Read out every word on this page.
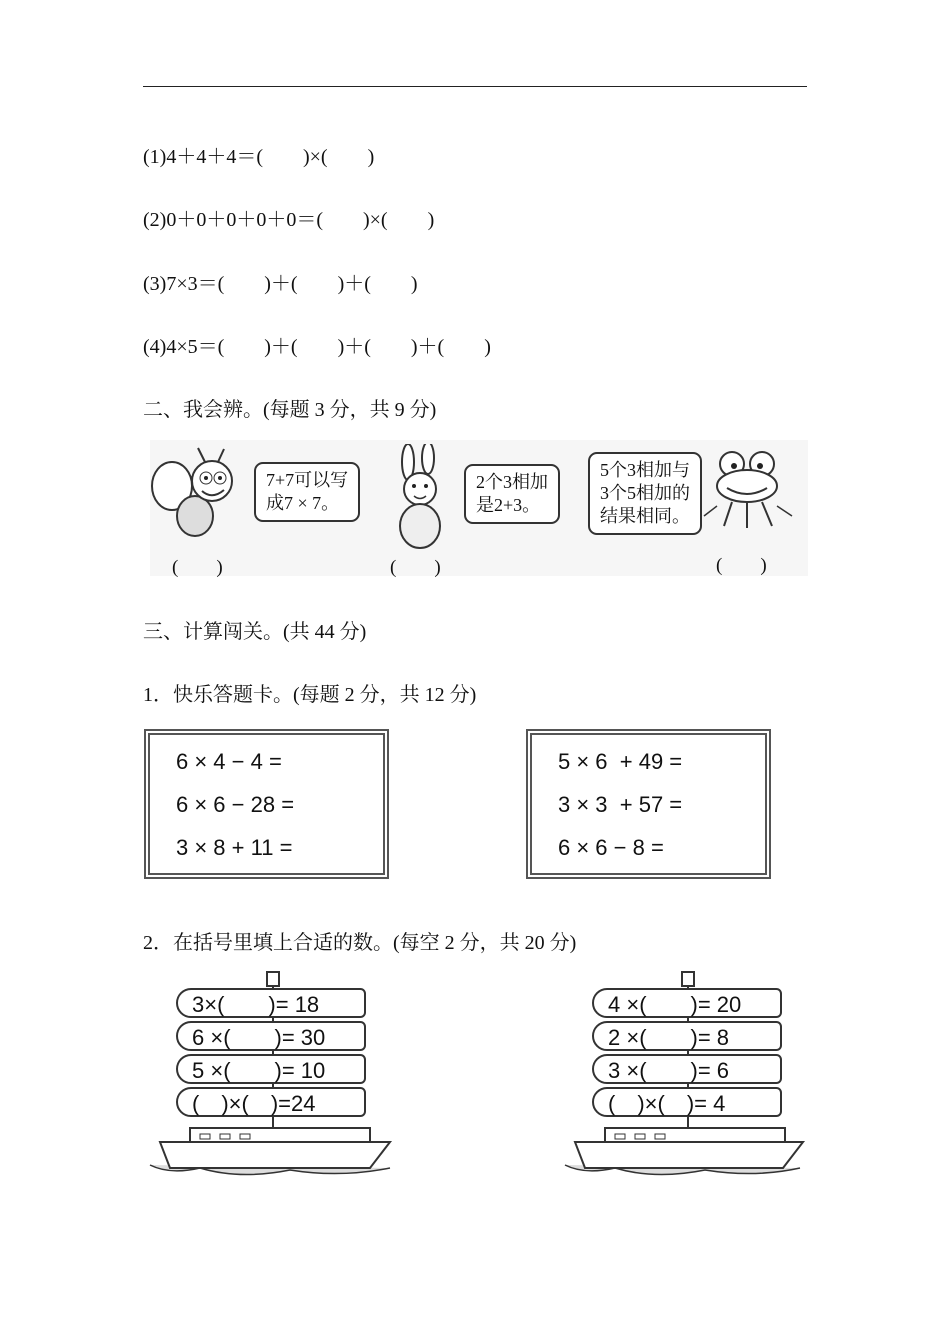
(1)4＋4＋4＝(　　)×(　　)
(2)0＋0＋0＋0＋0＝(　　)×(　　)
(3)7×3＝(　　)＋(　　)＋(　　)
(4)4×5＝(　　)＋(　　)＋(　　)＋(　　)
二、我会辨。(每题 3 分，共 9 分)
7+7可以写
成7 × 7。
(　　)
2个3相加
是2+3。
(　　)
5个3相加与
3个5相加的
结果相同。
(　　)
三、计算闯关。(共 44 分)
1．快乐答题卡。(每题 2 分，共 12 分)
6 × 4 − 4 =
6 × 6 − 28 =
3 × 8 + 11 =
5 × 6  + 49 =
3 × 3  + 57 =
6 × 6 − 8 =
2．在括号里填上合适的数。(每空 2 分，共 20 分)
3×(　　)= 18
6 ×(　　)= 30
5 ×(　　)= 10
(　)×(　)=24
4 ×(　　)= 20
2 ×(　　)= 8
3 ×(　　)= 6
(　)×(　)= 4
